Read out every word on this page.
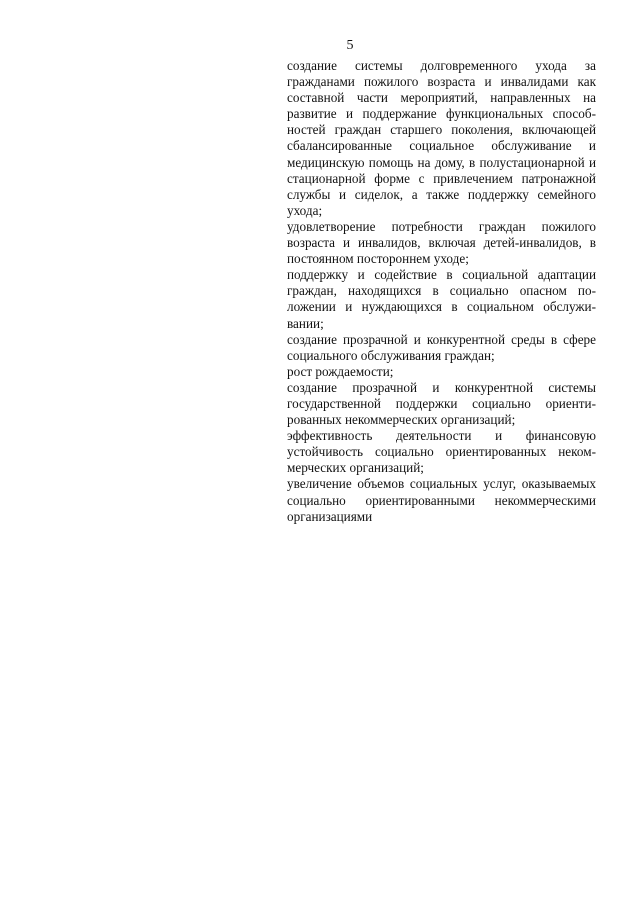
5

создание системы долговременного ухода за гражданами пожилого возраста и инвалидами как составной части мероприятий, направленных на развитие и поддержание функциональных способностей граждан старшего поколения, включающей сбалансированные социальное обслуживание и медицинскую помощь на дому, в полустационарной и стационарной форме с привлечением патронажной службы и сиделок, а также поддержку семейного ухода;

удовлетворение потребности граждан пожилого возраста и инвалидов, включая детей-инвалидов, в постоянном постороннем уходе;

поддержку и содействие в социальной адаптации граждан, находящихся в социально опасном положении и нуждающихся в социальном обслуживании;

создание прозрачной и конкурентной среды в сфере социального обслуживания граждан;

рост рождаемости;

создание прозрачной и конкурентной системы государственной поддержки социально ориентированных некоммерческих организаций;

эффективность деятельности и финансовую устойчивость социально ориентированных некоммерческих организаций;

увеличение объемов социальных услуг, оказываемых социально ориентированными некоммерческими организациями
